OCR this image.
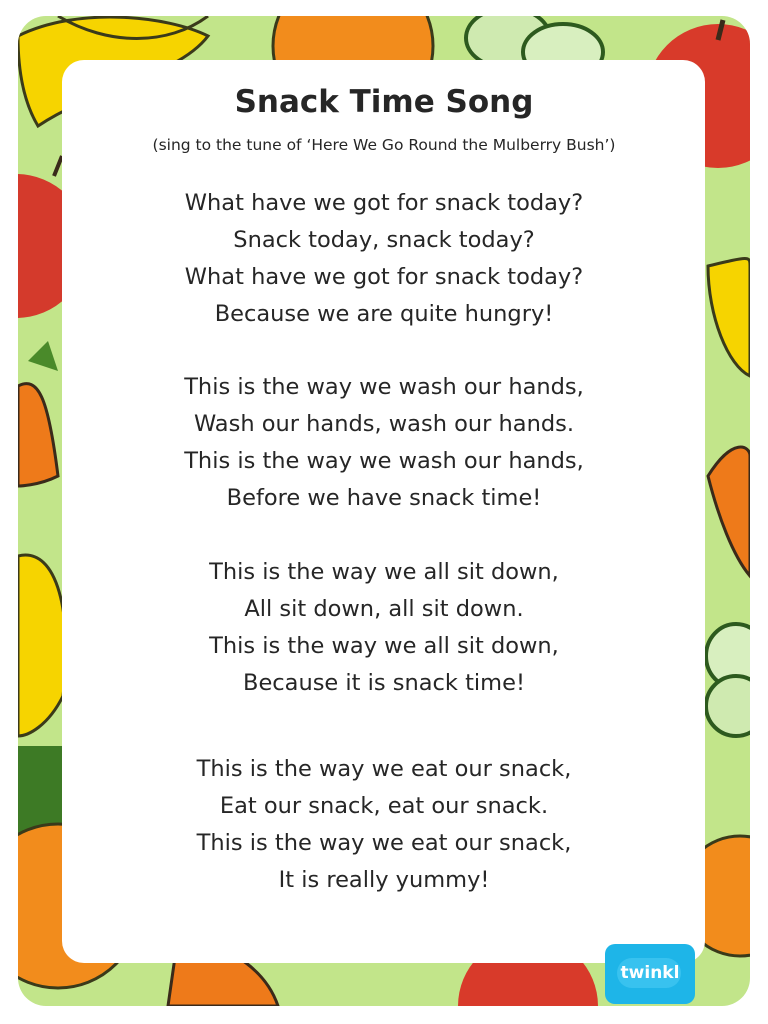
Snack Time Song
(sing to the tune of ‘Here We Go Round the Mulberry Bush’)
What have we got for snack today?
Snack today, snack today?
What have we got for snack today?
Because we are quite hungry!
This is the way we wash our hands,
Wash our hands, wash our hands.
This is the way we wash our hands,
Before we have snack time!
This is the way we all sit down,
All sit down, all sit down.
This is the way we all sit down,
Because it is snack time!
This is the way we eat our snack,
Eat our snack, eat our snack.
This is the way we eat our snack,
It is really yummy!
twinkl
